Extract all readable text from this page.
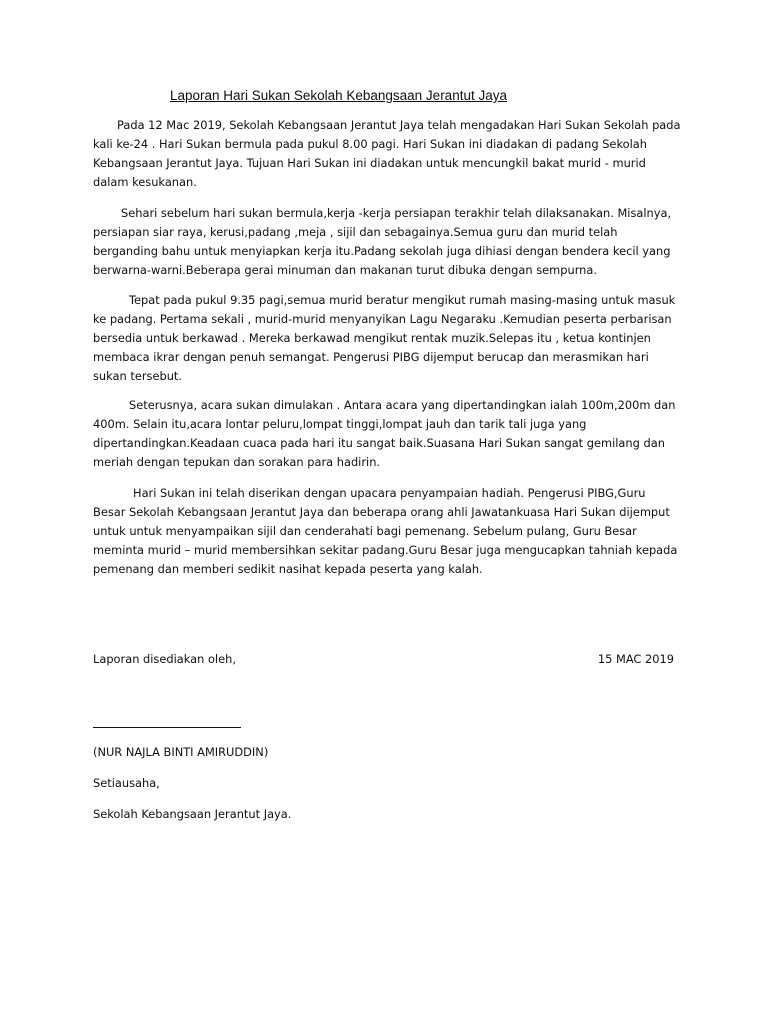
Laporan Hari Sukan Sekolah Kebangsaan Jerantut Jaya

Pada 12 Mac 2019, Sekolah Kebangsaan Jerantut Jaya telah mengadakan Hari Sukan Sekolah pada kali ke-24 . Hari Sukan bermula pada pukul 8.00 pagi. Hari Sukan ini diadakan di padang Sekolah Kebangsaan Jerantut Jaya. Tujuan Hari Sukan ini diadakan untuk mencungkil bakat murid - murid dalam kesukanan.

Sehari sebelum hari sukan bermula,kerja -kerja persiapan terakhir telah dilaksanakan. Misalnya, persiapan siar raya, kerusi,padang ,meja , sijil dan sebagainya.Semua guru dan murid telah berganding bahu untuk menyiapkan kerja itu.Padang sekolah juga dihiasi dengan bendera kecil yang berwarna-warni.Beberapa gerai minuman dan makanan turut dibuka dengan sempurna.

Tepat pada pukul 9.35 pagi,semua murid beratur mengikut rumah masing-masing untuk masuk ke padang. Pertama sekali , murid-murid menyanyikan Lagu Negaraku .Kemudian peserta perbarisan bersedia untuk berkawad . Mereka berkawad mengikut rentak muzik.Selepas itu , ketua kontinjen membaca ikrar dengan penuh semangat. Pengerusi PIBG dijemput berucap dan merasmikan hari sukan tersebut.

Seterusnya, acara sukan dimulakan . Antara acara yang dipertandingkan ialah 100m,200m dan 400m. Selain itu,acara lontar peluru,lompat tinggi,lompat jauh dan tarik tali juga yang dipertandingkan.Keadaan cuaca pada hari itu sangat baik.Suasana Hari Sukan sangat gemilang dan meriah dengan tepukan dan sorakan para hadirin.

Hari Sukan ini telah diserikan dengan upacara penyampaian hadiah. Pengerusi PIBG,Guru Besar Sekolah Kebangsaan Jerantut Jaya dan beberapa orang ahli Jawatankuasa Hari Sukan dijemput untuk untuk menyampaikan sijil dan cenderahati bagi pemenang. Sebelum pulang, Guru Besar meminta murid – murid membersihkan sekitar padang.Guru Besar juga mengucapkan tahniah kepada pemenang dan memberi sedikit nasihat kepada peserta yang kalah.

Laporan disediakan oleh,	15 MAC 2019
(NUR NAJLA BINTI AMIRUDDIN)
Setiausaha,
Sekolah Kebangsaan Jerantut Jaya.
